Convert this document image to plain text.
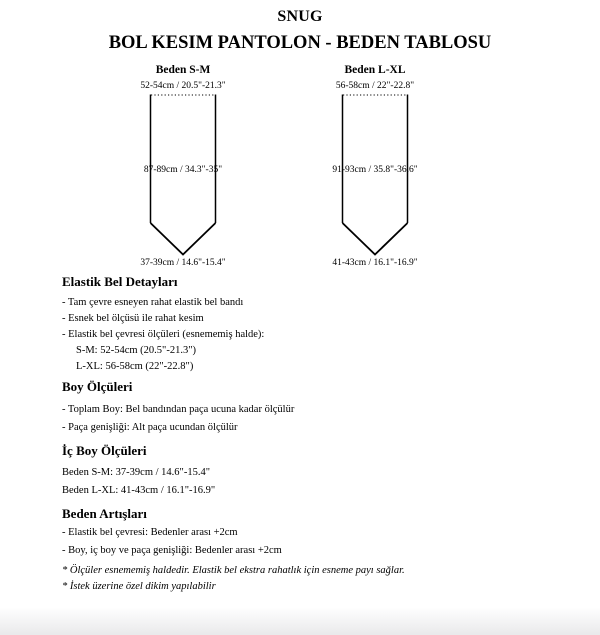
SNUG
BOL KESIM PANTOLON - BEDEN TABLOSU
Beden S-M
52-54cm / 20.5"-21.3"
87-89cm / 34.3"-35"
37-39cm / 14.6"-15.4"
Beden L-XL
56-58cm / 22"-22.8"
91-93cm / 35.8"-36.6"
41-43cm / 16.1"-16.9"
Elastik Bel Detayları
- Tam çevre esneyen rahat elastik bel bandı
- Esnek bel ölçüsü ile rahat kesim
- Elastik bel çevresi ölçüleri (esnememiş halde):
S-M: 52-54cm (20.5"-21.3")
L-XL: 56-58cm (22"-22.8")
Boy Ölçüleri
- Toplam Boy: Bel bandından paça ucuna kadar ölçülür
- Paça genişliği: Alt paça ucundan ölçülür
İç Boy Ölçüleri
Beden S-M: 37-39cm / 14.6"-15.4"
Beden L-XL: 41-43cm / 16.1"-16.9"
Beden Artışları
- Elastik bel çevresi: Bedenler arası +2cm
- Boy, iç boy ve paça genişliği: Bedenler arası +2cm
* Ölçüler esnememiş haldedir. Elastik bel ekstra rahatlık için esneme payı sağlar.
* İstek üzerine özel dikim yapılabilir
